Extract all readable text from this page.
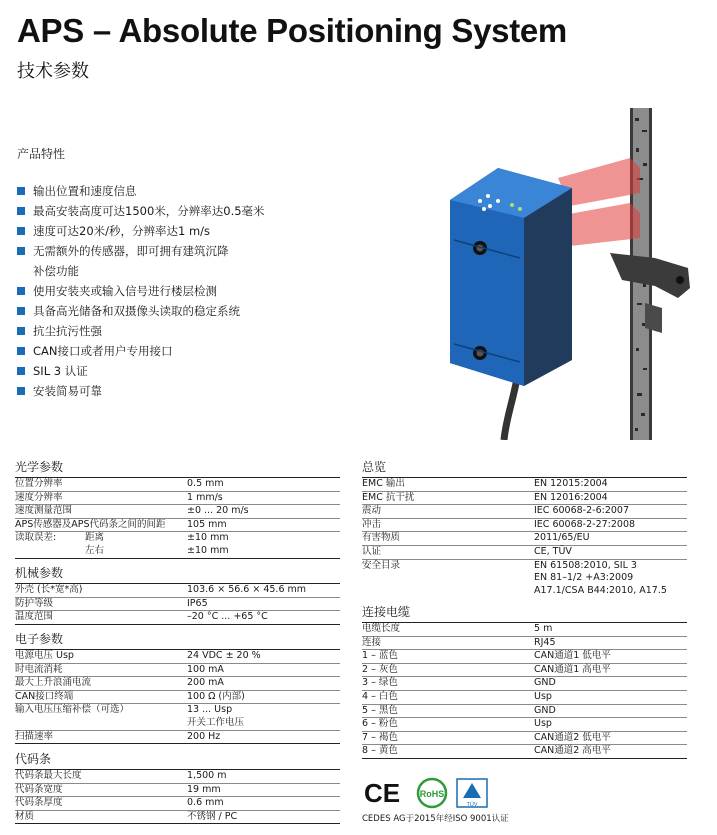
APS – Absolute Positioning System
技术参数
产品特性
输出位置和速度信息
最高安装高度可达1500米，分辨率达0.5毫米
速度可达20米/秒，分辨率达1 m/s
无需额外的传感器，即可拥有建筑沉降
补偿功能
使用安装夹或输入信号进行楼层检测
具备高光储备和双摄像头读取的稳定系统
抗尘抗污性强
CAN接口或者用户专用接口
SIL 3 认证
安装简易可靠
光学参数
位置分辨率	0.5 mm
速度分辨率	1 mm/s
速度测量范围	±0 ... 20 m/s
APS传感器及APS代码条之间的间距	105 mm
读取误差:	距离	±10 mm
左右	±10 mm
机械参数
外壳 (长*宽*高)	103.6 × 56.6 × 45.6 mm
防护等级	IP65
温度范围	–20 °C ... +65 °C
电子参数
电源电压 Usp	24 VDC ± 20 %
时电流消耗	100 mA
最大上升浪涌电流	200 mA
CAN接口终端	100 Ω (内部)
输入电压压缩补偿（可选）	13 ... Usp
开关工作电压
扫描速率	200 Hz
代码条
代码条最大长度	1,500 m
代码条宽度	19 mm
代码条厚度	0.6 mm
材质	不锈钢 / PC
总览
EMC 输出	EN 12015:2004
EMC 抗干扰	EN 12016:2004
震动	IEC 60068-2-6:2007
冲击	IEC 60068-2-27:2008
有害物质	2011/65/EU
认证	CE, TÜV
安全目录	EN 61508:2010, SIL 3
EN 81–1/2 +A3:2009
A17.1/CSA B44:2010, A17.5
连接电缆
电缆长度	5 m
连接	RJ45
1 – 蓝色	CAN通道1 低电平
2 – 灰色	CAN通道1 高电平
3 – 绿色	GND
4 – 白色	Usp
5 – 黑色	GND
6 – 粉色	Usp
7 – 褐色	CAN通道2 低电平
8 – 黄色	CAN通道2 高电平
CE RoHS
TÜV
CEDES AG于2015年经ISO 9001认证
